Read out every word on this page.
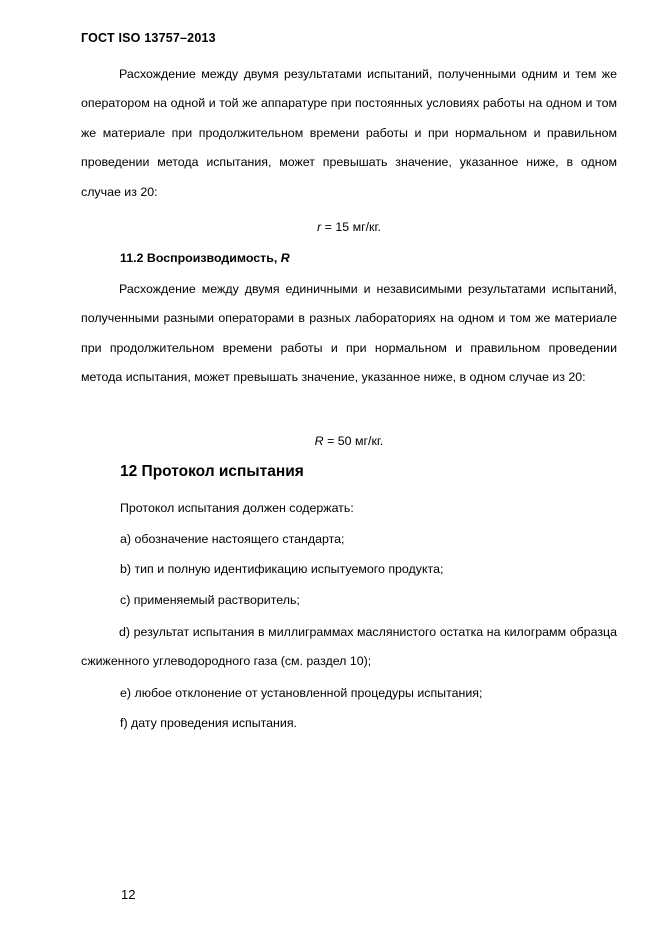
ГОСТ ISO 13757–2013

Расхождение между двумя результатами испытаний, полученными одним и тем же оператором на одной и той же аппаратуре при постоянных условиях работы на одном и том же материале при продолжительном времени работы и при нормальном и правильном проведении метода испытания, может превышать значение, указанное ниже, в одном случае из 20:

r = 15 мг/кг.
11.2 Воспроизводимость, R

Расхождение между двумя единичными и независимыми результатами испытаний, полученными разными операторами в разных лабораториях на одном и том же материале при продолжительном времени работы и при нормальном и правильном проведении метода испытания, может превышать значение, указанное ниже, в одном случае из 20:

R = 50 мг/кг.
12 Протокол испытания
Протокол испытания должен содержать:
а) обозначение настоящего стандарта;
b) тип и полную идентификацию испытуемого продукта;
c) применяемый растворитель;

d) результат испытания в миллиграммах маслянистого остатка на килограмм образца сжиженного углеводородного газа (см. раздел 10);

e) любое отклонение от установленной процедуры испытания;
f) дату проведения испытания.
12
